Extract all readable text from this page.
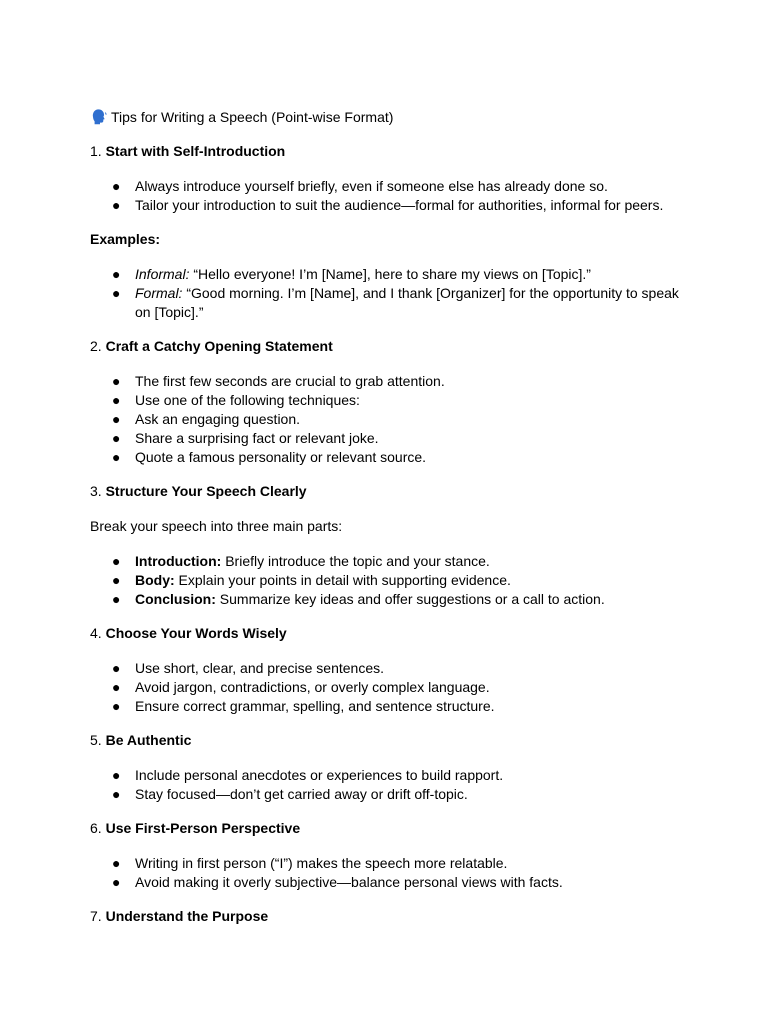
Tips for Writing a Speech (Point-wise Format)
1. Start with Self-Introduction
● Always introduce yourself briefly, even if someone else has already done so.
● Tailor your introduction to suit the audience—formal for authorities, informal for peers.
Examples:
● Informal: “Hello everyone! I’m [Name], here to share my views on [Topic].”
● Formal: “Good morning. I’m [Name], and I thank [Organizer] for the opportunity to speak on [Topic].”
2. Craft a Catchy Opening Statement
● The first few seconds are crucial to grab attention.
● Use one of the following techniques:
● Ask an engaging question.
● Share a surprising fact or relevant joke.
● Quote a famous personality or relevant source.
3. Structure Your Speech Clearly
Break your speech into three main parts:
● Introduction: Briefly introduce the topic and your stance.
● Body: Explain your points in detail with supporting evidence.
● Conclusion: Summarize key ideas and offer suggestions or a call to action.
4. Choose Your Words Wisely
● Use short, clear, and precise sentences.
● Avoid jargon, contradictions, or overly complex language.
● Ensure correct grammar, spelling, and sentence structure.
5. Be Authentic
● Include personal anecdotes or experiences to build rapport.
● Stay focused—don’t get carried away or drift off-topic.
6. Use First-Person Perspective
● Writing in first person (“I”) makes the speech more relatable.
● Avoid making it overly subjective—balance personal views with facts.
7. Understand the Purpose
